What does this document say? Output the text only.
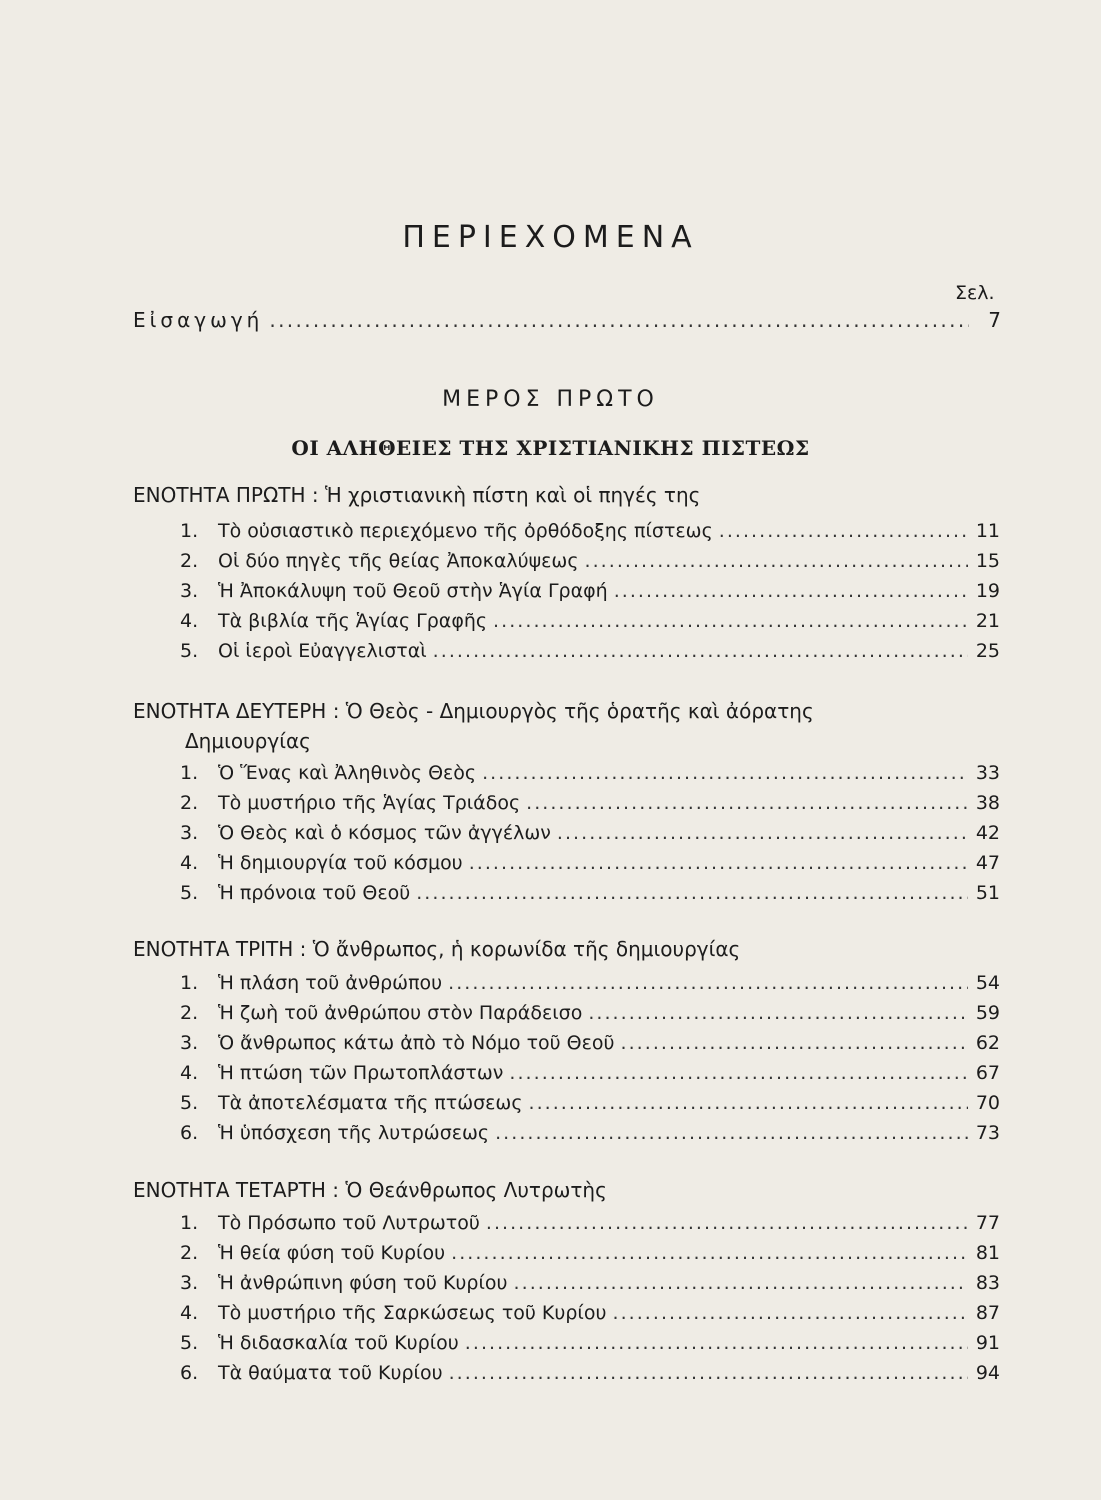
ΠΕΡΙΕΧΟΜΕΝΑ
Σελ.
Εἰσαγωγή . . .	7
ΜΕΡΟΣ ΠΡΩΤΟ
ΟΙ ΑΛΗΘΕΙΕΣ ΤΗΣ ΧΡΙΣΤΙΑΝΙΚΗΣ ΠΙΣΤΕΩΣ
ΕΝΟΤΗΤΑ ΠΡΩΤΗ : Ἡ χριστιανικὴ πίστη καὶ οἱ πηγές της
1.	Τὸ οὐσιαστικὸ περιεχόμενο τῆς ὀρθόδοξης πίστεως . . .	11
2.	Οἱ δύο πηγὲς τῆς θείας Ἀποκαλύψεως . . .	15
3.	Ἡ Ἀποκάλυψη τοῦ Θεοῦ στὴν Ἁγία Γραφή . . .	19
4.	Τὰ βιβλία τῆς Ἁγίας Γραφῆς . . .	21
5.	Οἱ ἱεροὶ Εὐαγγελισταὶ . . .	25
ΕΝΟΤΗΤΑ ΔΕΥΤΕΡΗ : Ὁ Θεὸς - Δημιουργὸς τῆς ὁρατῆς καὶ ἀόρατης
Δημιουργίας
1.	Ὁ Ἕνας καὶ Ἀληθινὸς Θεὸς . . .	33
2.	Τὸ μυστήριο τῆς Ἁγίας Τριάδος . . .	38
3.	Ὁ Θεὸς καὶ ὁ κόσμος τῶν ἀγγέλων . . .	42
4.	Ἡ δημιουργία τοῦ κόσμου . . .	47
5.	Ἡ πρόνοια τοῦ Θεοῦ . . .	51
ΕΝΟΤΗΤΑ ΤΡΙΤΗ : Ὁ ἄνθρωπος, ἡ κορωνίδα τῆς δημιουργίας
1.	Ἡ πλάση τοῦ ἀνθρώπου . . .	54
2.	Ἡ ζωὴ τοῦ ἀνθρώπου στὸν Παράδεισο . . .	59
3.	Ὁ ἄνθρωπος κάτω ἀπὸ τὸ Νόμο τοῦ Θεοῦ . . .	62
4.	Ἡ πτώση τῶν Πρωτοπλάστων . . .	67
5.	Τὰ ἀποτελέσματα τῆς πτώσεως . . .	70
6.	Ἡ ὑπόσχεση τῆς λυτρώσεως . . .	73
ΕΝΟΤΗΤΑ ΤΕΤΑΡΤΗ : Ὁ Θεάνθρωπος Λυτρωτὴς
1.	Τὸ Πρόσωπο τοῦ Λυτρωτοῦ . . .	77
2.	Ἡ θεία φύση τοῦ Κυρίου . . .	81
3.	Ἡ ἀνθρώπινη φύση τοῦ Κυρίου . . .	83
4.	Τὸ μυστήριο τῆς Σαρκώσεως τοῦ Κυρίου . . .	87
5.	Ἡ διδασκαλία τοῦ Κυρίου . . .	91
6.	Τὰ θαύματα τοῦ Κυρίου . . .	94
